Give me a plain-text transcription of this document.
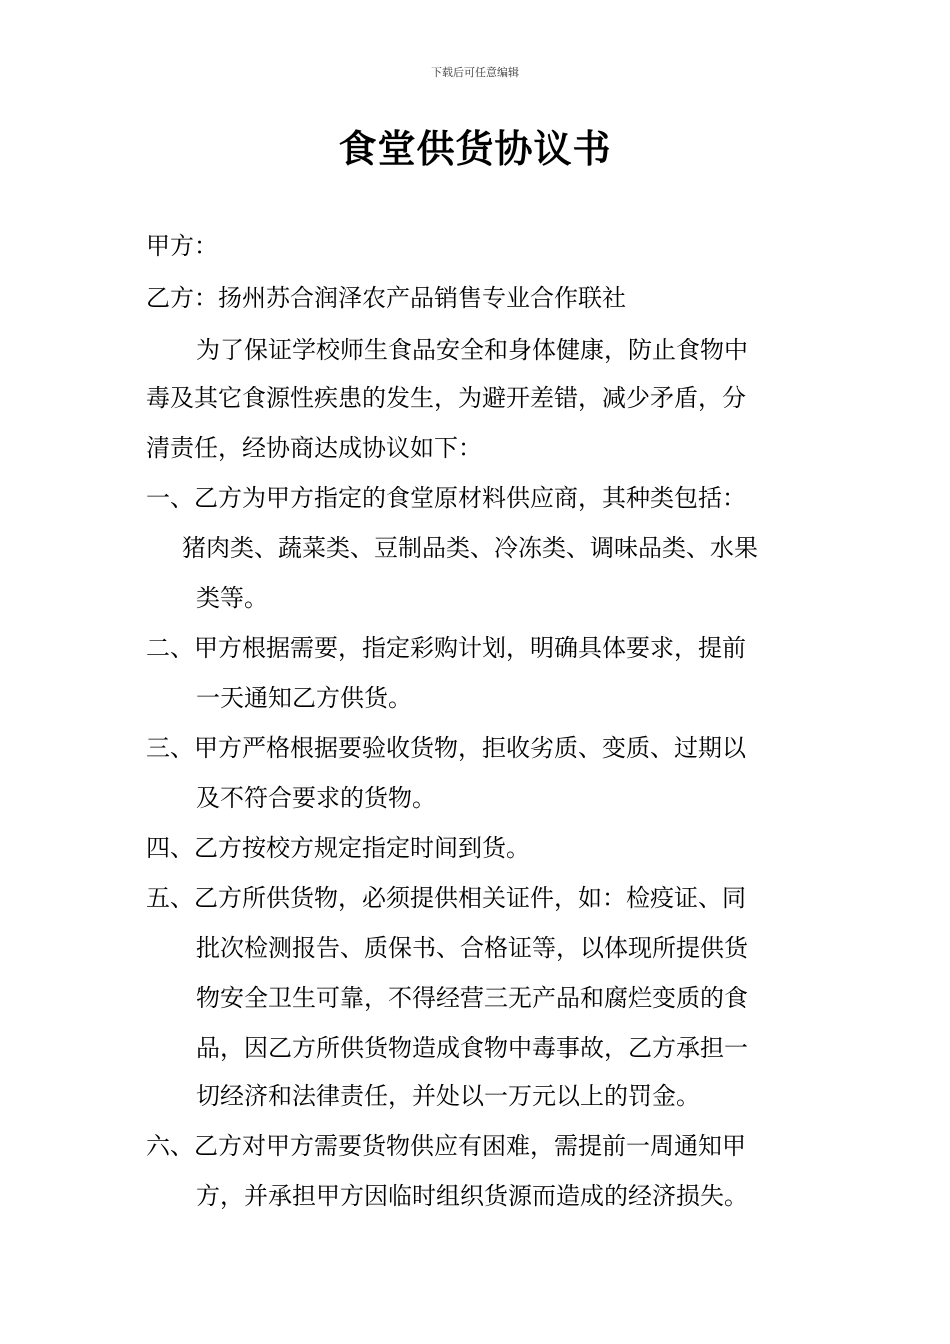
下载后可任意编辑
食堂供货协议书
甲方：
乙方：扬州苏合润泽农产品销售专业合作联社
为了保证学校师生食品安全和身体健康，防止食物中
毒及其它食源性疾患的发生，为避开差错，减少矛盾，分
清责任，经协商达成协议如下：
一、乙方为甲方指定的食堂原材料供应商，其种类包括：
猪肉类、蔬菜类、豆制品类、冷冻类、调味品类、水果
类等。
二、甲方根据需要，指定彩购计划，明确具体要求，提前
一天通知乙方供货。
三、甲方严格根据要验收货物，拒收劣质、变质、过期以
及不符合要求的货物。
四、乙方按校方规定指定时间到货。
五、乙方所供货物，必须提供相关证件，如：检疫证、同
批次检测报告、质保书、合格证等，以体现所提供货
物安全卫生可靠，不得经营三无产品和腐烂变质的食
品，因乙方所供货物造成食物中毒事故，乙方承担一
切经济和法律责任，并处以一万元以上的罚金。
六、乙方对甲方需要货物供应有困难，需提前一周通知甲
方，并承担甲方因临时组织货源而造成的经济损失。
